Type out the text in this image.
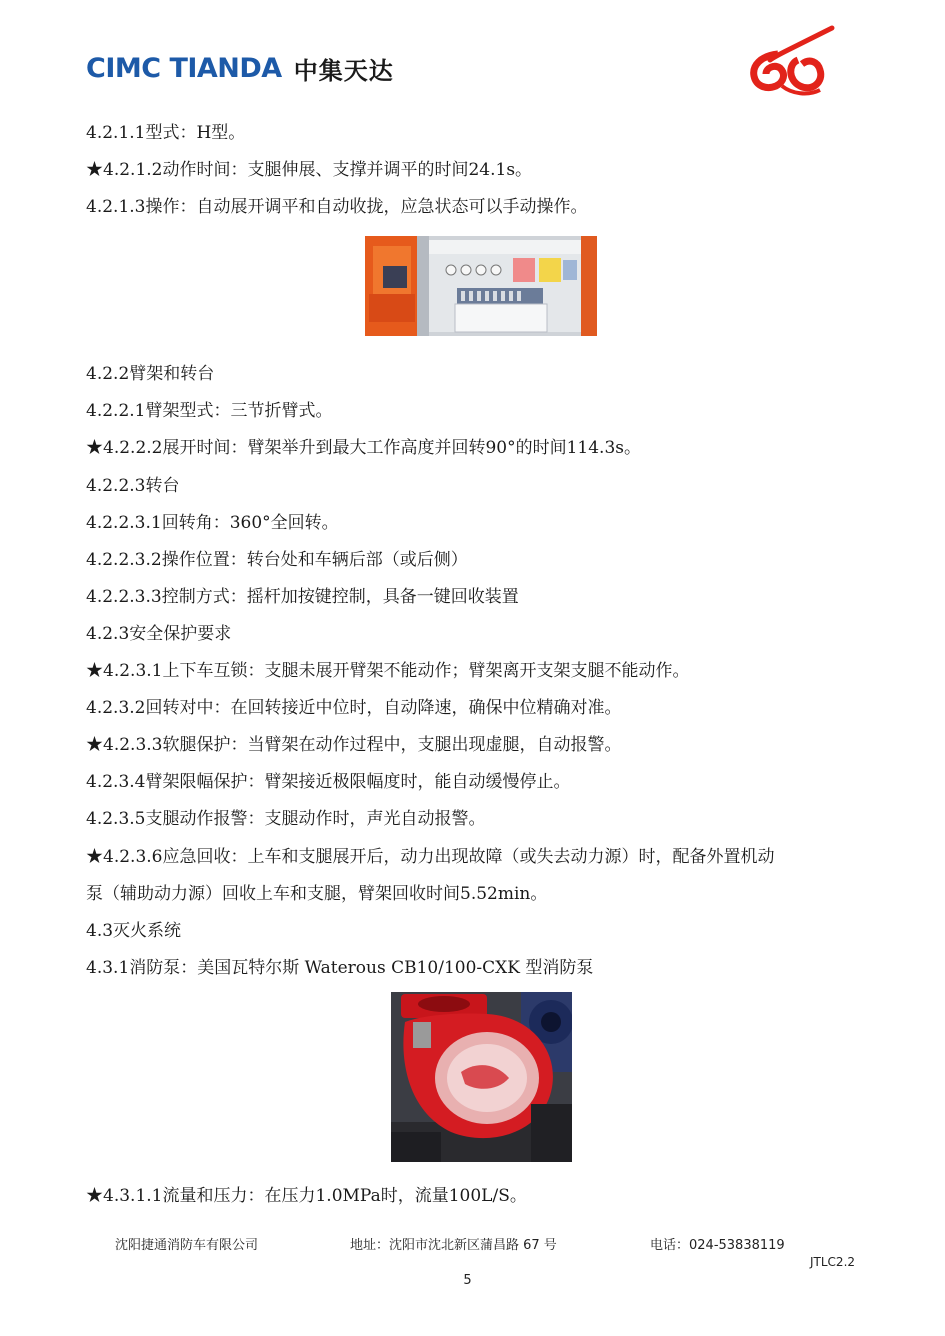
CIMC TIANDA 中集天达
4.2.1.1型式：H型。
★4.2.1.2动作时间：支腿伸展、支撑并调平的时间24.1s。
4.2.1.3操作：自动展开调平和自动收拢，应急状态可以手动操作。
4.2.2臂架和转台
4.2.2.1臂架型式：三节折臂式。
★4.2.2.2展开时间：臂架举升到最大工作高度并回转90°的时间114.3s。
4.2.2.3转台
4.2.2.3.1回转角：360°全回转。
4.2.2.3.2操作位置：转台处和车辆后部（或后侧）
4.2.2.3.3控制方式：摇杆加按键控制，具备一键回收装置
4.2.3安全保护要求
★4.2.3.1上下车互锁：支腿未展开臂架不能动作；臂架离开支架支腿不能动作。
4.2.3.2回转对中：在回转接近中位时，自动降速，确保中位精确对准。
★4.2.3.3软腿保护：当臂架在动作过程中，支腿出现虚腿，自动报警。
4.2.3.4臂架限幅保护：臂架接近极限幅度时，能自动缓慢停止。
4.2.3.5支腿动作报警：支腿动作时，声光自动报警。
★4.2.3.6应急回收：上车和支腿展开后，动力出现故障（或失去动力源）时，配备外置机动
泵（辅助动力源）回收上车和支腿，臂架回收时间5.52min。
4.3灭火系统
4.3.1消防泵：美国瓦特尔斯 Waterous CB10/100-CXK 型消防泵
★4.3.1.1流量和压力：在压力1.0MPa时，流量100L/S。
沈阳捷通消防车有限公司	地址：沈阳市沈北新区蒲昌路 67 号	电话：024-53838119
JTLC2.2
5
